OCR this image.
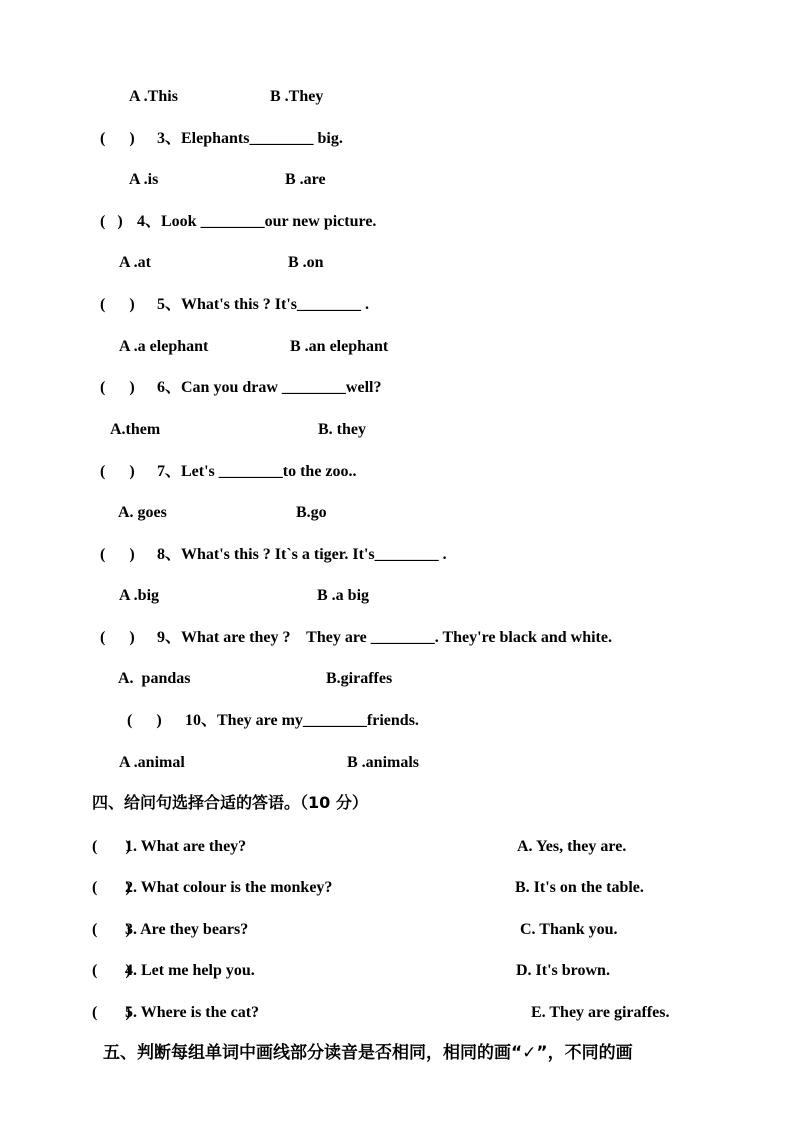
A .This	B .They
(      ) 3、Elephants________ big.
A .is	B .are
(   ) 4、Look ________our new picture.
A .at	B .on
(      ) 5、What's this ? It's________ .
A .a elephant	B .an elephant
(      ) 6、Can you draw ________well?
A.them	B. they
(      ) 7、Let's ________to the zoo..
A. goes	B.go
(      ) 8、What's this ? It`s a tiger. It's________ .
A .big	B .a big
(      ) 9、What are they ?    They are ________. They're black and white.
A.  pandas	B.giraffes
(      ) 10、They are my________friends.
A .animal	B .animals
四、给问句选择合适的答语。（10 分）
(       )
1. What are they?	A. Yes, they are.
(       )
2. What colour is the monkey?	B. It's on the table.
(       )
3. Are they bears?	C. Thank you.
(       )
4. Let me help you.	D. It's brown.
(       )
5. Where is the cat?	E. They are giraffes.
五、判断每组单词中画线部分读音是否相同，相同的画“✓”，不同的画
